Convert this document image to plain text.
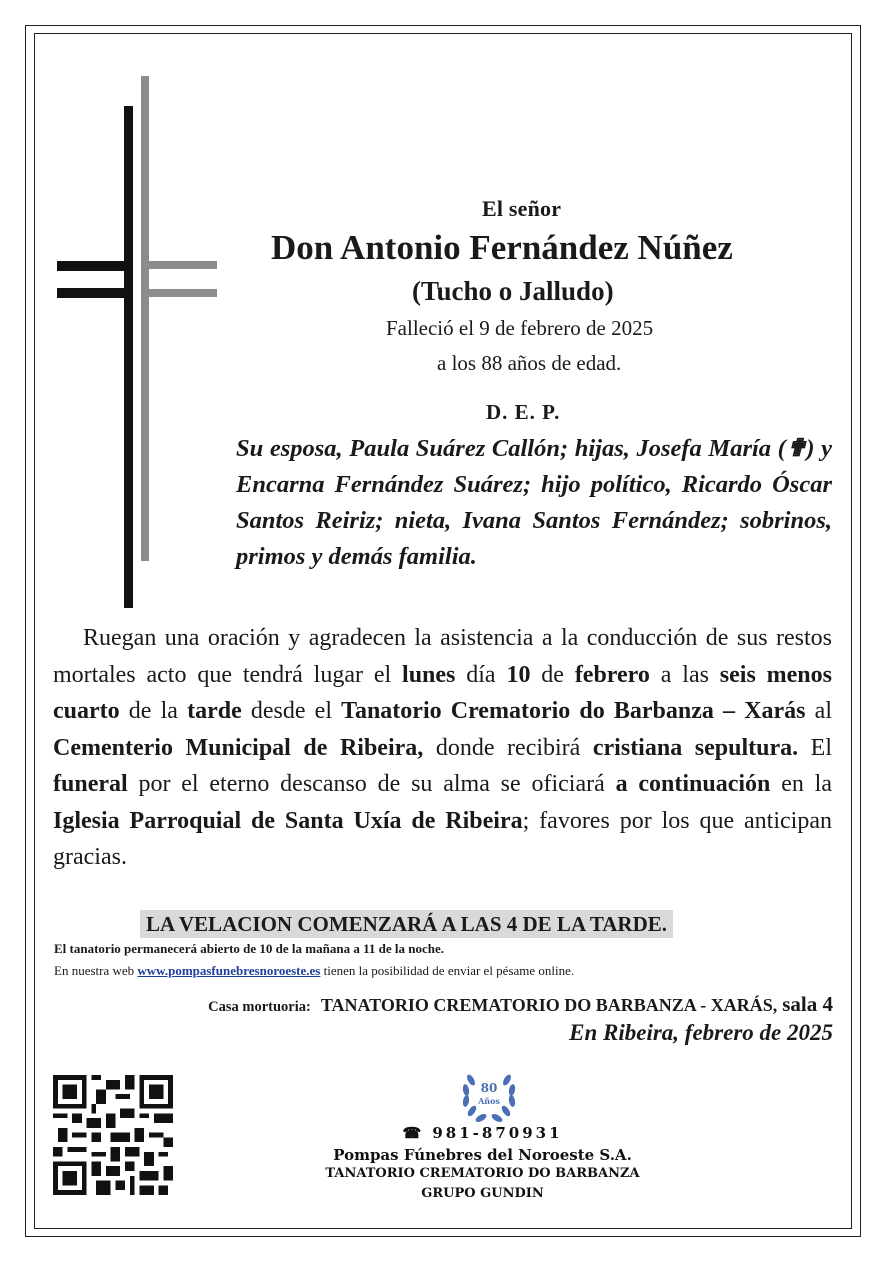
El señor
Don Antonio Fernández Núñez
(Tucho o Jalludo)
Falleció el 9 de febrero de 2025
a los 88 años de edad.
D. E. P.
Su esposa, Paula Suárez Callón; hijas, Josefa María (✟) y Encarna Fernández Suárez; hijo político, Ricardo Óscar Santos Reiriz; nieta, Ivana Santos Fernández; sobrinos, primos y demás familia.
Ruegan una oración y agradecen la asistencia a la conducción de sus restos mortales acto que tendrá lugar el lunes día 10 de febrero a las seis menos cuarto de la tarde desde el Tanatorio Crematorio do Barbanza – Xarás al Cementerio Municipal de Ribeira, donde recibirá cristiana sepultura. El funeral por el eterno descanso de su alma se oficiará a continuación en la Iglesia Parroquial de Santa Uxía de Ribeira; favores por los que anticipan gracias.
LA VELACION COMENZARÁ A LAS 4 DE LA TARDE.
El tanatorio permanecerá abierto de 10 de la mañana a 11 de la noche.
En nuestra web www.pompasfunebresnoroeste.es tienen la posibilidad de enviar el pésame online.
Casa mortuoria: TANATORIO CREMATORIO DO BARBANZA - XARÁS, sala 4
En Ribeira, febrero de 2025
80
Años
☎ 981-870931
Pompas Fúnebres del Noroeste S.A.
TANATORIO CREMATORIO DO BARBANZA
GRUPO GUNDIN
